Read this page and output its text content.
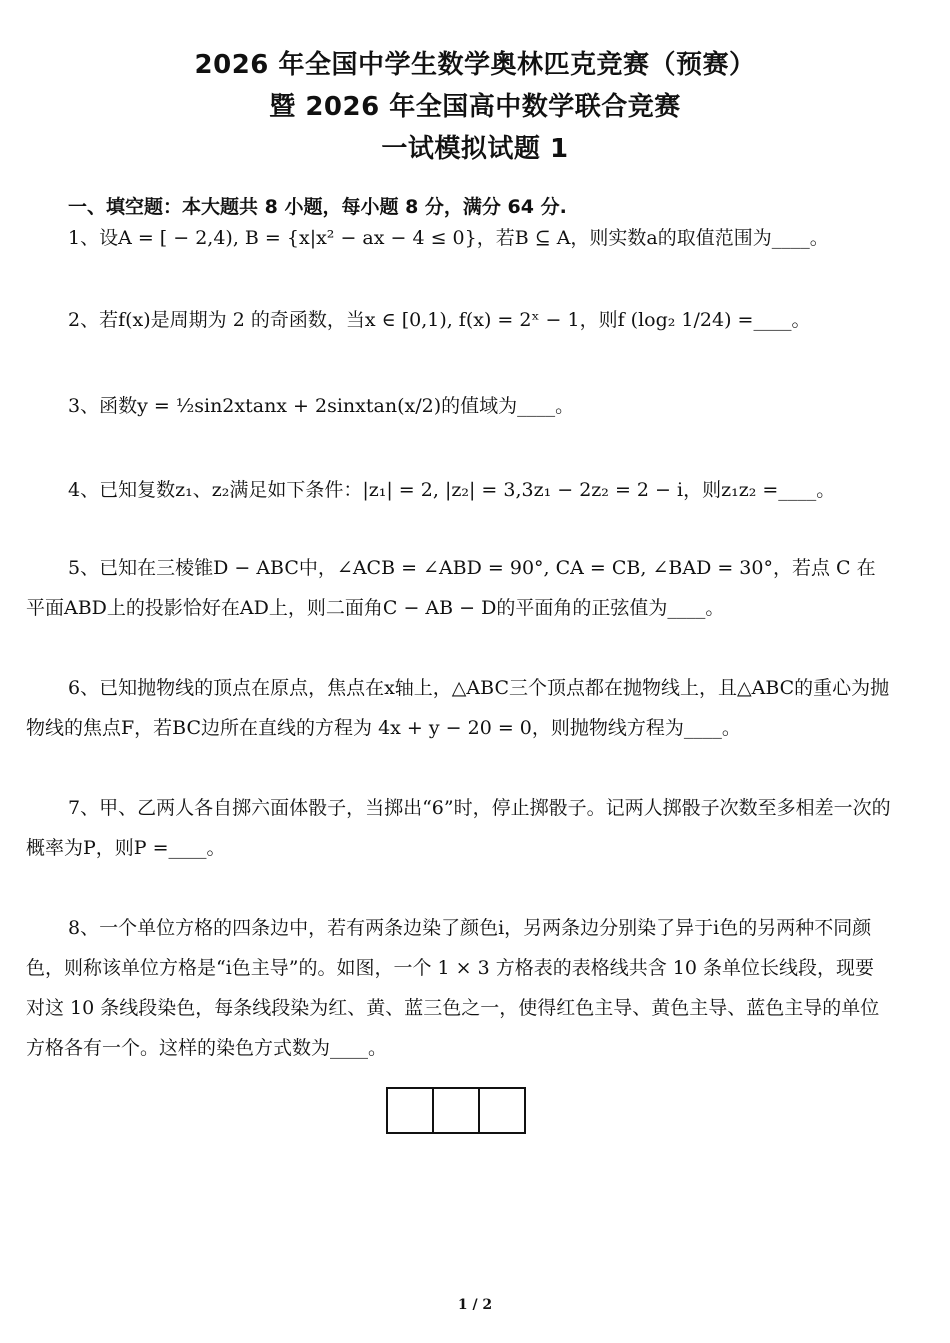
2026 年全国中学生数学奥林匹克竞赛（预赛）
暨 2026 年全国高中数学联合竞赛
一试模拟试题 1
一、填空题：本大题共 8 小题，每小题 8 分，满分 64 分.
1、设A = [ − 2,4), B = {x|x² − ax − 4 ≤ 0}，若B ⊆ A，则实数a的取值范围为____。
2、若f(x)是周期为 2 的奇函数，当x ∈ [0,1), f(x) = 2ˣ − 1，则f (log₂ 1/24) =____。
3、函数y = ½sin2xtanx + 2sinxtan(x/2)的值域为____。
4、已知复数z₁、z₂满足如下条件：|z₁| = 2, |z₂| = 3,3z₁ − 2z₂ = 2 − i，则z₁z₂ =____。
5、已知在三棱锥D − ABC中，∠ACB = ∠ABD = 90°, CA = CB, ∠BAD = 30°，若点 C 在平面ABD上的投影恰好在AD上，则二面角C − AB − D的平面角的正弦值为____。
6、已知抛物线的顶点在原点，焦点在x轴上，△ABC三个顶点都在抛物线上，且△ABC的重心为抛物线的焦点F，若BC边所在直线的方程为 4x + y − 20 = 0，则抛物线方程为____。
7、甲、乙两人各自掷六面体骰子，当掷出“6”时，停止掷骰子。记两人掷骰子次数至多相差一次的概率为P，则P =____。
8、一个单位方格的四条边中，若有两条边染了颜色i，另两条边分别染了异于i色的另两种不同颜色，则称该单位方格是“i色主导”的。如图，一个 1 × 3 方格表的表格线共含 10 条单位长线段，现要对这 10 条线段染色，每条线段染为红、黄、蓝三色之一，使得红色主导、黄色主导、蓝色主导的单位方格各有一个。这样的染色方式数为____。
1 / 2
